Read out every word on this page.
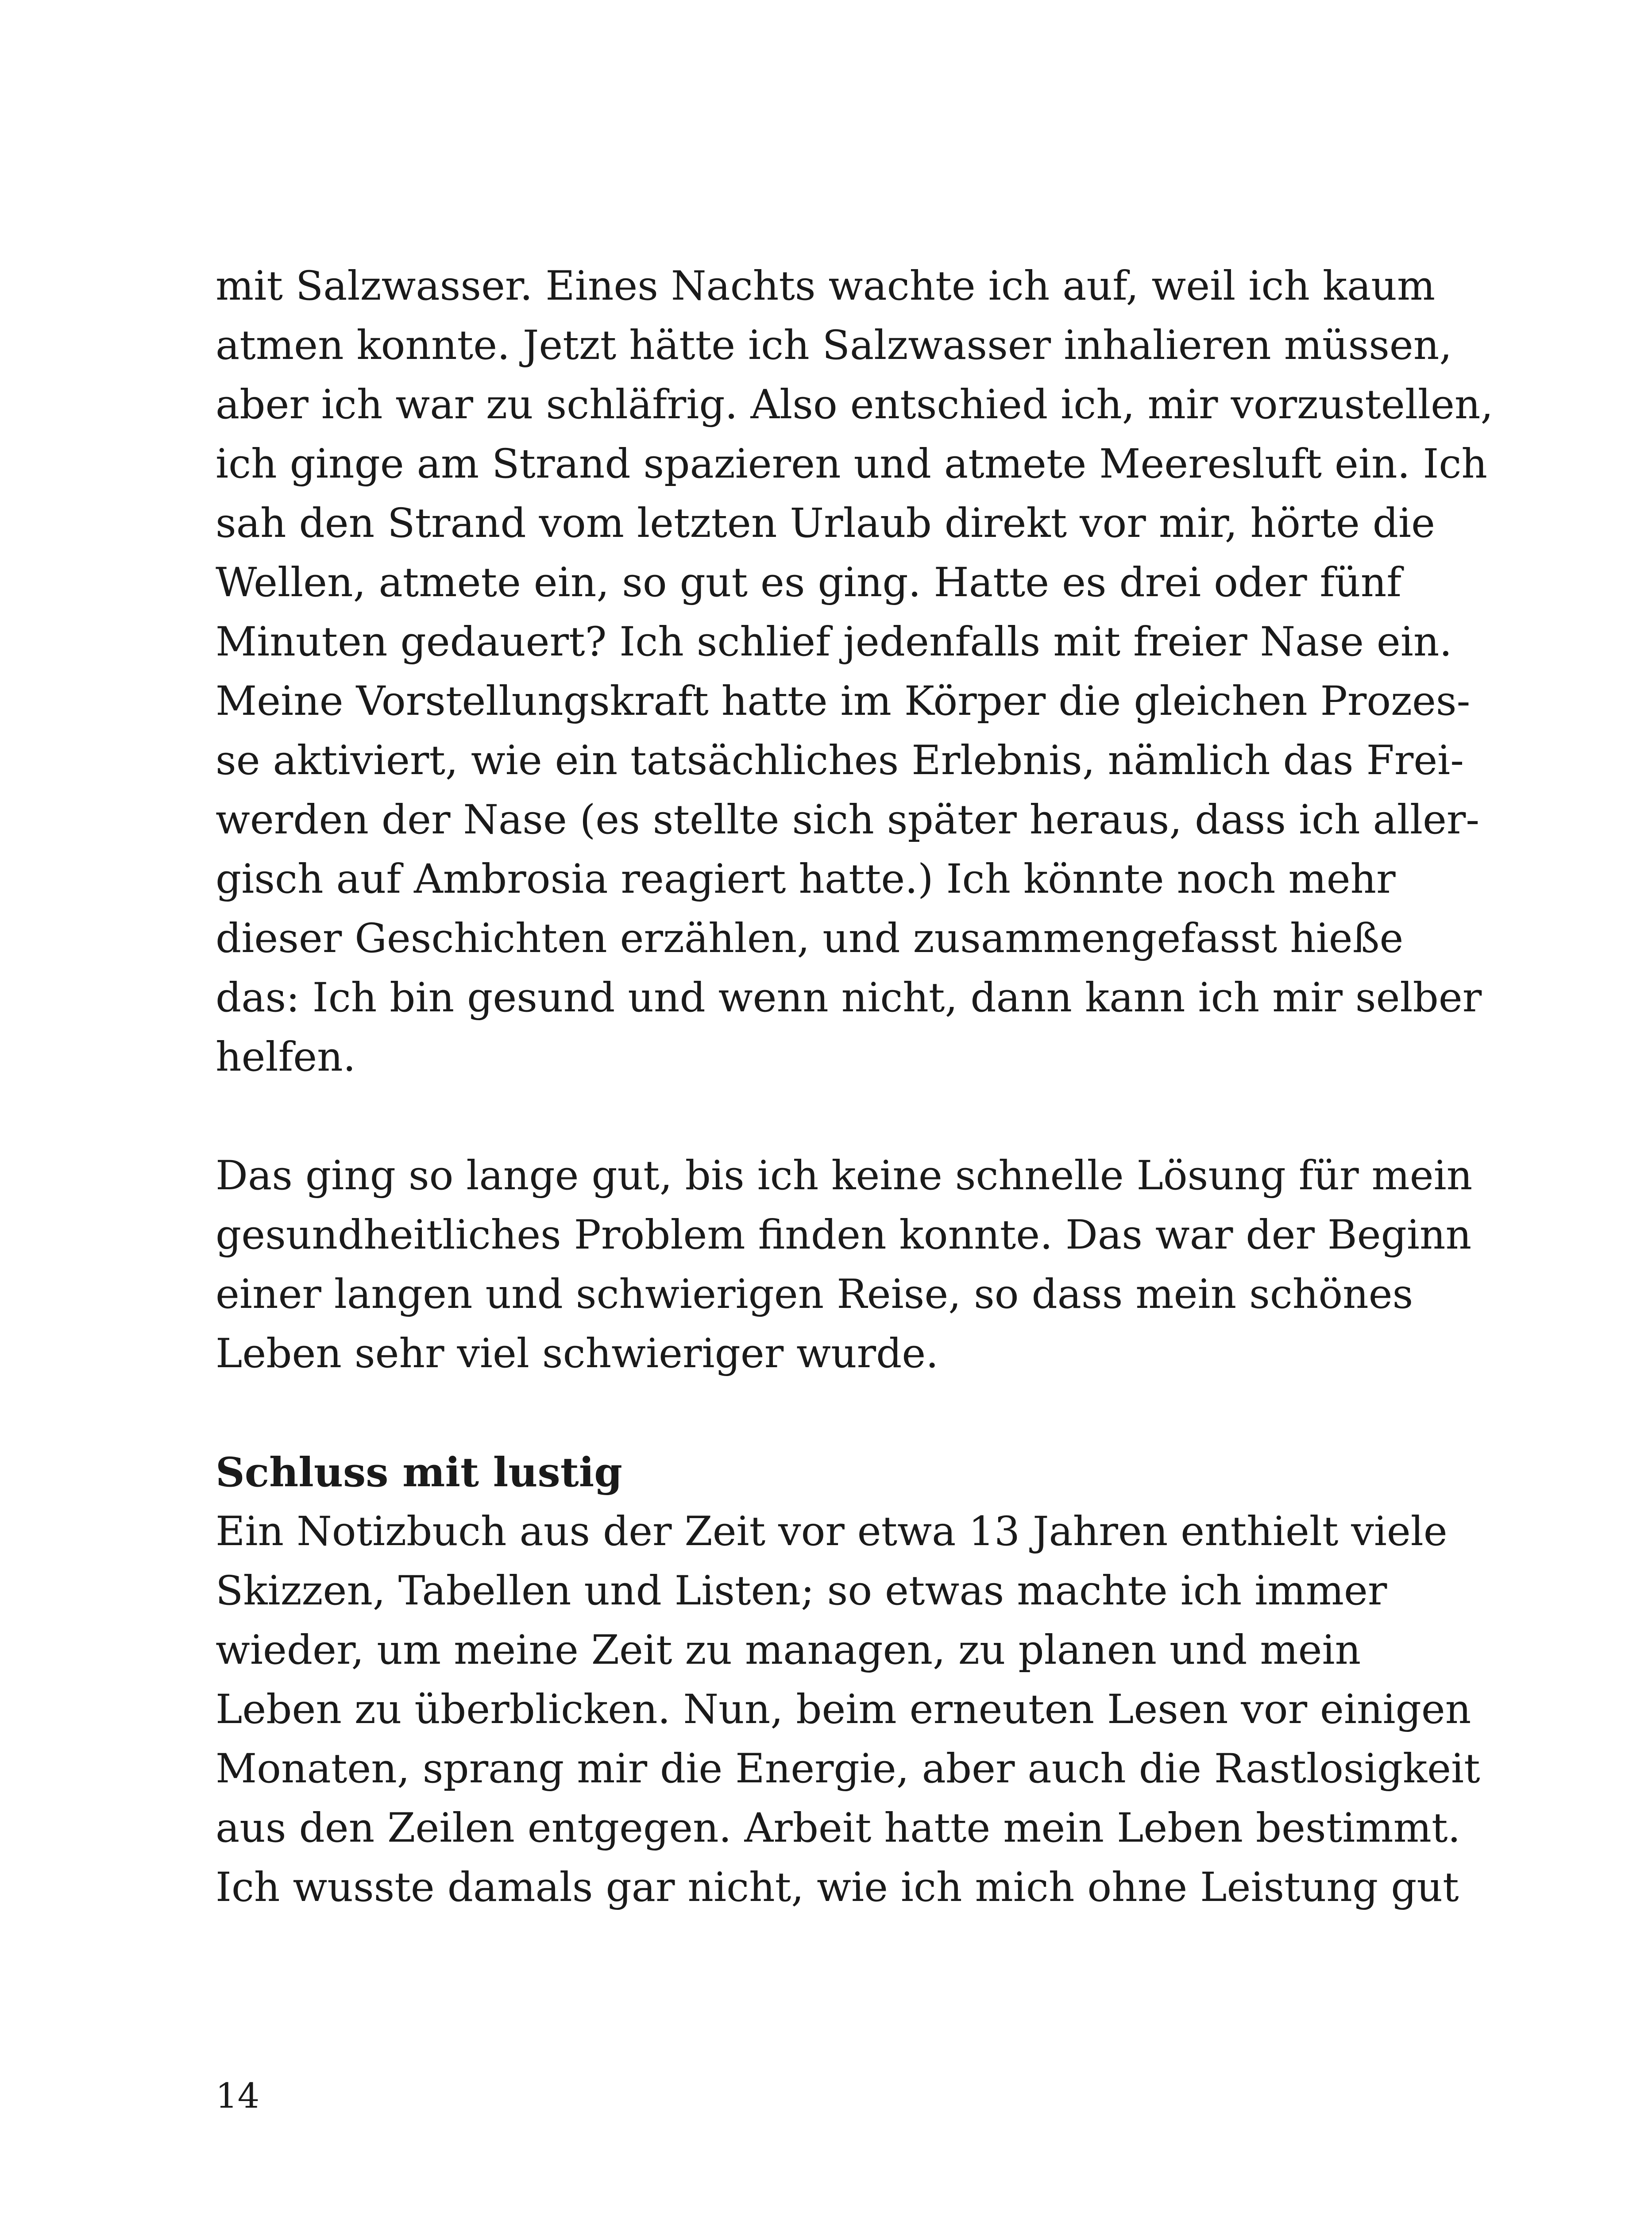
mit Salzwasser. Eines Nachts wachte ich auf, weil ich kaum
atmen konnte. Jetzt hätte ich Salzwasser inhalieren müssen,
aber ich war zu schläfrig. Also entschied ich, mir vorzustellen,
ich ginge am Strand spazieren und atmete Meeresluft ein. Ich
sah den Strand vom letzten Urlaub direkt vor mir, hörte die
Wellen, atmete ein, so gut es ging. Hatte es drei oder fünf
Minuten gedauert? Ich schlief jedenfalls mit freier Nase ein.
Meine Vorstellungskraft hatte im Körper die gleichen Prozes-
se aktiviert, wie ein tatsächliches Erlebnis, nämlich das Frei-
werden der Nase (es stellte sich später heraus, dass ich aller-
gisch auf Ambrosia reagiert hatte.) Ich könnte noch mehr
dieser Geschichten erzählen, und zusammengefasst hieße
das: Ich bin gesund und wenn nicht, dann kann ich mir selber
helfen.
Das ging so lange gut, bis ich keine schnelle Lösung für mein
gesundheitliches Problem finden konnte. Das war der Beginn
einer langen und schwierigen Reise, so dass mein schönes
Leben sehr viel schwieriger wurde.
Schluss mit lustig
Ein Notizbuch aus der Zeit vor etwa 13 Jahren enthielt viele
Skizzen, Tabellen und Listen; so etwas machte ich immer
wieder, um meine Zeit zu managen, zu planen und mein
Leben zu überblicken. Nun, beim erneuten Lesen vor einigen
Monaten, sprang mir die Energie, aber auch die Rastlosigkeit
aus den Zeilen entgegen. Arbeit hatte mein Leben bestimmt.
Ich wusste damals gar nicht, wie ich mich ohne Leistung gut
14
